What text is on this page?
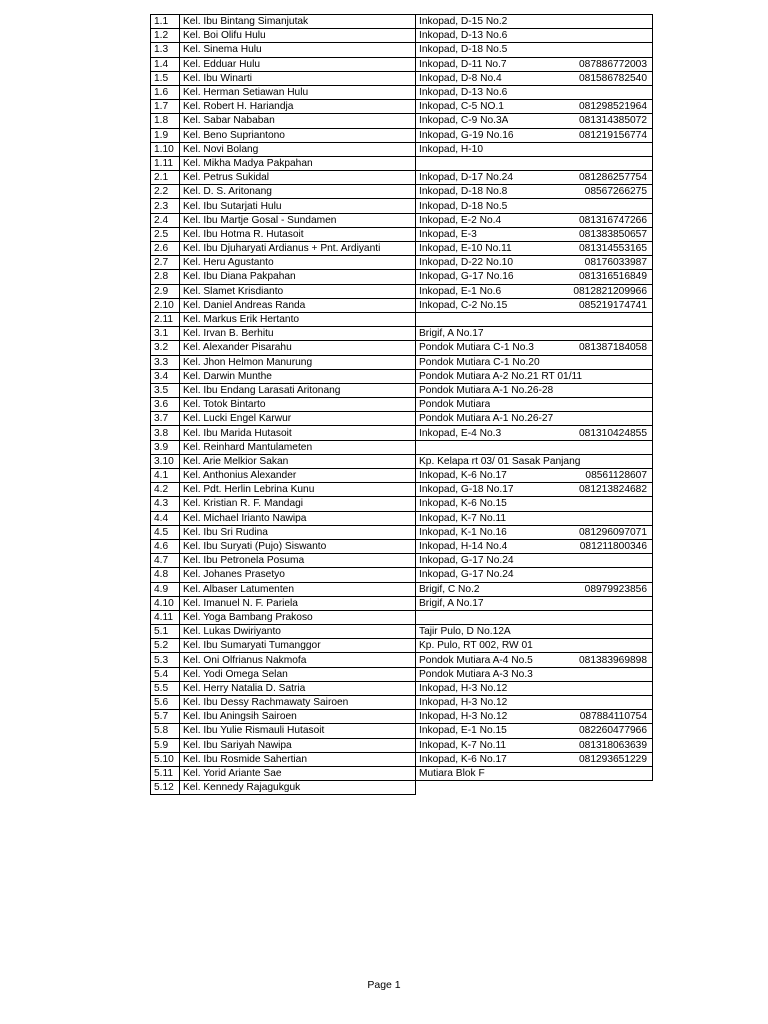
1.1	Kel. Ibu Bintang Simanjutak	Inkopad, D-15 No.2

1.2	Kel. Boi Olifu Hulu	Inkopad, D-13 No.6

1.3	Kel. Sinema Hulu	Inkopad, D-18 No.5

1.4	Kel. Edduar Hulu	Inkopad, D-11 No.7 087886772003

1.5	Kel. Ibu Winarti	Inkopad, D-8 No.4 081586782540

1.6	Kel. Herman Setiawan Hulu	Inkopad, D-13 No.6

1.7	Kel. Robert H. Hariandja	Inkopad, C-5 NO.1 081298521964

1.8	Kel. Sabar Nababan	Inkopad, C-9 No.3A 081314385072

1.9	Kel. Beno Supriantono	Inkopad, G-19 No.16 081219156774

1.10	Kel. Novi Bolang	Inkopad, H-10

1.11	Kel. Mikha Madya Pakpahan	

2.1	Kel. Petrus Sukidal	Inkopad, D-17 No.24 081286257754

2.2	Kel. D. S. Aritonang	Inkopad, D-18 No.8 08567266275

2.3	Kel. Ibu Sutarjati Hulu	Inkopad, D-18 No.5

2.4	Kel. Ibu Martje Gosal - Sundamen	Inkopad, E-2 No.4 081316747266

2.5	Kel. Ibu Hotma R. Hutasoit	Inkopad, E-3 081383850657

2.6	Kel. Ibu Djuharyati Ardianus + Pnt. Ardiyanti	Inkopad, E-10 No.11 081314553165

2.7	Kel. Heru Agustanto	Inkopad, D-22 No.10 08176033987

2.8	Kel. Ibu Diana Pakpahan	Inkopad, G-17 No.16 081316516849

2.9	Kel. Slamet Krisdianto	Inkopad, E-1 No.6 0812821209966

2.10	Kel. Daniel Andreas Randa	Inkopad, C-2 No.15 085219174741

2.11	Kel. Markus Erik Hertanto	

3.1	Kel. Irvan B. Berhitu	Brigif, A No.17

3.2	Kel. Alexander Pisarahu	Pondok Mutiara C-1 No.3 081387184058

3.3	Kel. Jhon Helmon Manurung	Pondok Mutiara C-1 No.20

3.4	Kel. Darwin Munthe	Pondok Mutiara A-2 No.21 RT 01/11

3.5	Kel. Ibu Endang Larasati Aritonang	Pondok Mutiara A-1 No.26-28

3.6	Kel. Totok Bintarto	Pondok Mutiara

3.7	Kel. Lucki Engel Karwur	Pondok Mutiara A-1 No.26-27

3.8	Kel. Ibu Marida Hutasoit	Inkopad, E-4 No.3 081310424855

3.9	Kel. Reinhard Mantulameten	

3.10	Kel. Arie Melkior Sakan	Kp. Kelapa rt 03/ 01 Sasak Panjang

4.1	Kel. Anthonius Alexander	Inkopad, K-6 No.17 08561128607

4.2	Kel. Pdt. Herlin Lebrina Kunu	Inkopad, G-18 No.17 081213824682

4.3	Kel. Kristian R. F. Mandagi	Inkopad, K-6 No.15

4.4	Kel. Michael Irianto Nawipa	Inkopad, K-7 No.11

4.5	Kel. Ibu Sri Rudina	Inkopad, K-1 No.16 081296097071

4.6	Kel. Ibu Suryati (Pujo) Siswanto	Inkopad, H-14 No.4 081211800346

4.7	Kel. Ibu Petronela Posuma	Inkopad, G-17 No.24

4.8	Kel. Johanes Prasetyo	Inkopad, G-17 No.24

4.9	Kel. Albaser Latumenten	Brigif, C No.2 08979923856

4.10	Kel. Imanuel N. F. Pariela	Brigif, A No.17

4.11	Kel. Yoga Bambang Prakoso	

5.1	Kel. Lukas Dwiriyanto	Tajir Pulo, D No.12A

5.2	Kel. Ibu Sumaryati Tumanggor	Kp. Pulo, RT 002, RW 01

5.3	Kel. Oni Olfrianus Nakmofa	Pondok Mutiara A-4 No.5 081383969898

5.4	Kel. Yodi Omega Selan	Pondok Mutiara A-3 No.3

5.5	Kel. Herry Natalia D. Satria	Inkopad, H-3 No.12

5.6	Kel. Ibu Dessy Rachmawaty Sairoen	Inkopad, H-3 No.12

5.7	Kel. Ibu Aningsih Sairoen	Inkopad, H-3 No.12 087884110754

5.8	Kel. Ibu Yulie Rismauli Hutasoit	Inkopad, E-1 No.15 082260477966

5.9	Kel. Ibu Sariyah Nawipa	Inkopad, K-7 No.11 081318063639

5.10	Kel. Ibu Rosmide Sahertian	Inkopad, K-6 No.17 081293651229

5.11	Kel. Yorid Ariante Sae	Mutiara Blok F

5.12	Kel. Kennedy Rajagukguk	
Page 1
